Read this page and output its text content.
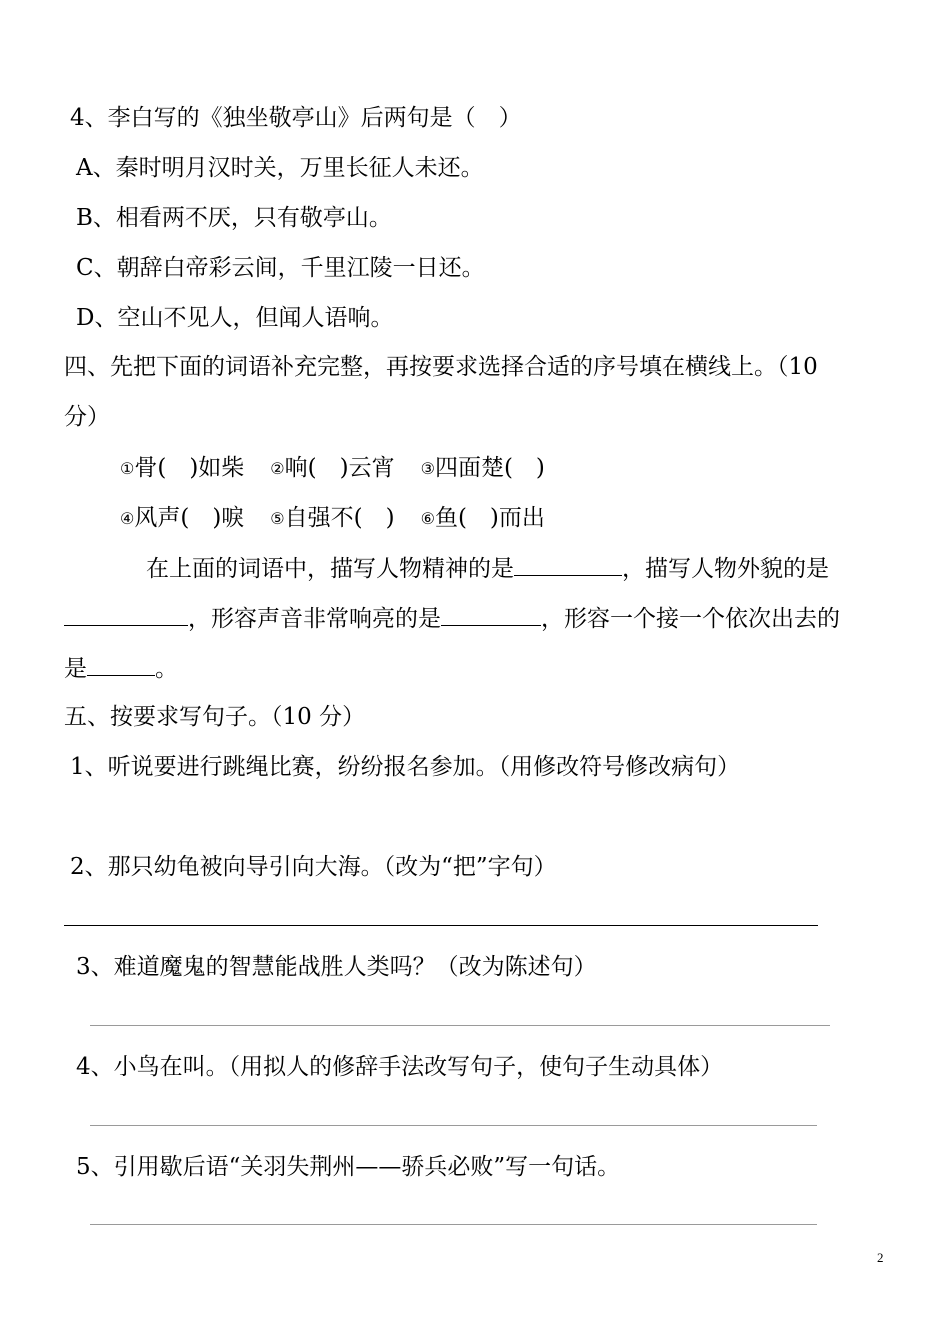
4、李白写的《独坐敬亭山》后两句是（　）

A、秦时明月汉时关，万里长征人未还。

B、相看两不厌，只有敬亭山。

C、朝辞白帝彩云间，千里江陵一日还。

D、空山不见人，但闻人语响。

四、先把下面的词语补充完整，再按要求选择合适的序号填在横线上。（10

分）

①骨(　)如柴 ②响(　)云宵 ③四面楚(　)

④风声(　)唳 ⑤自强不(　) ⑥鱼(　)而出

在上面的词语中，描写人物精神的是	，描写人物外貌的是

，形容声音非常响亮的是	，形容一个接一个依次出去的

是	。

五、按要求写句子。（10 分）

1、听说要进行跳绳比赛，纷纷报名参加。（用修改符号修改病句）

2、那只幼龟被向导引向大海。（改为“把”字句）

3、难道魔鬼的智慧能战胜人类吗？（改为陈述句）

4、小鸟在叫。（用拟人的修辞手法改写句子，使句子生动具体）

5、引用歇后语“关羽失荆州——骄兵必败”写一句话。

2
